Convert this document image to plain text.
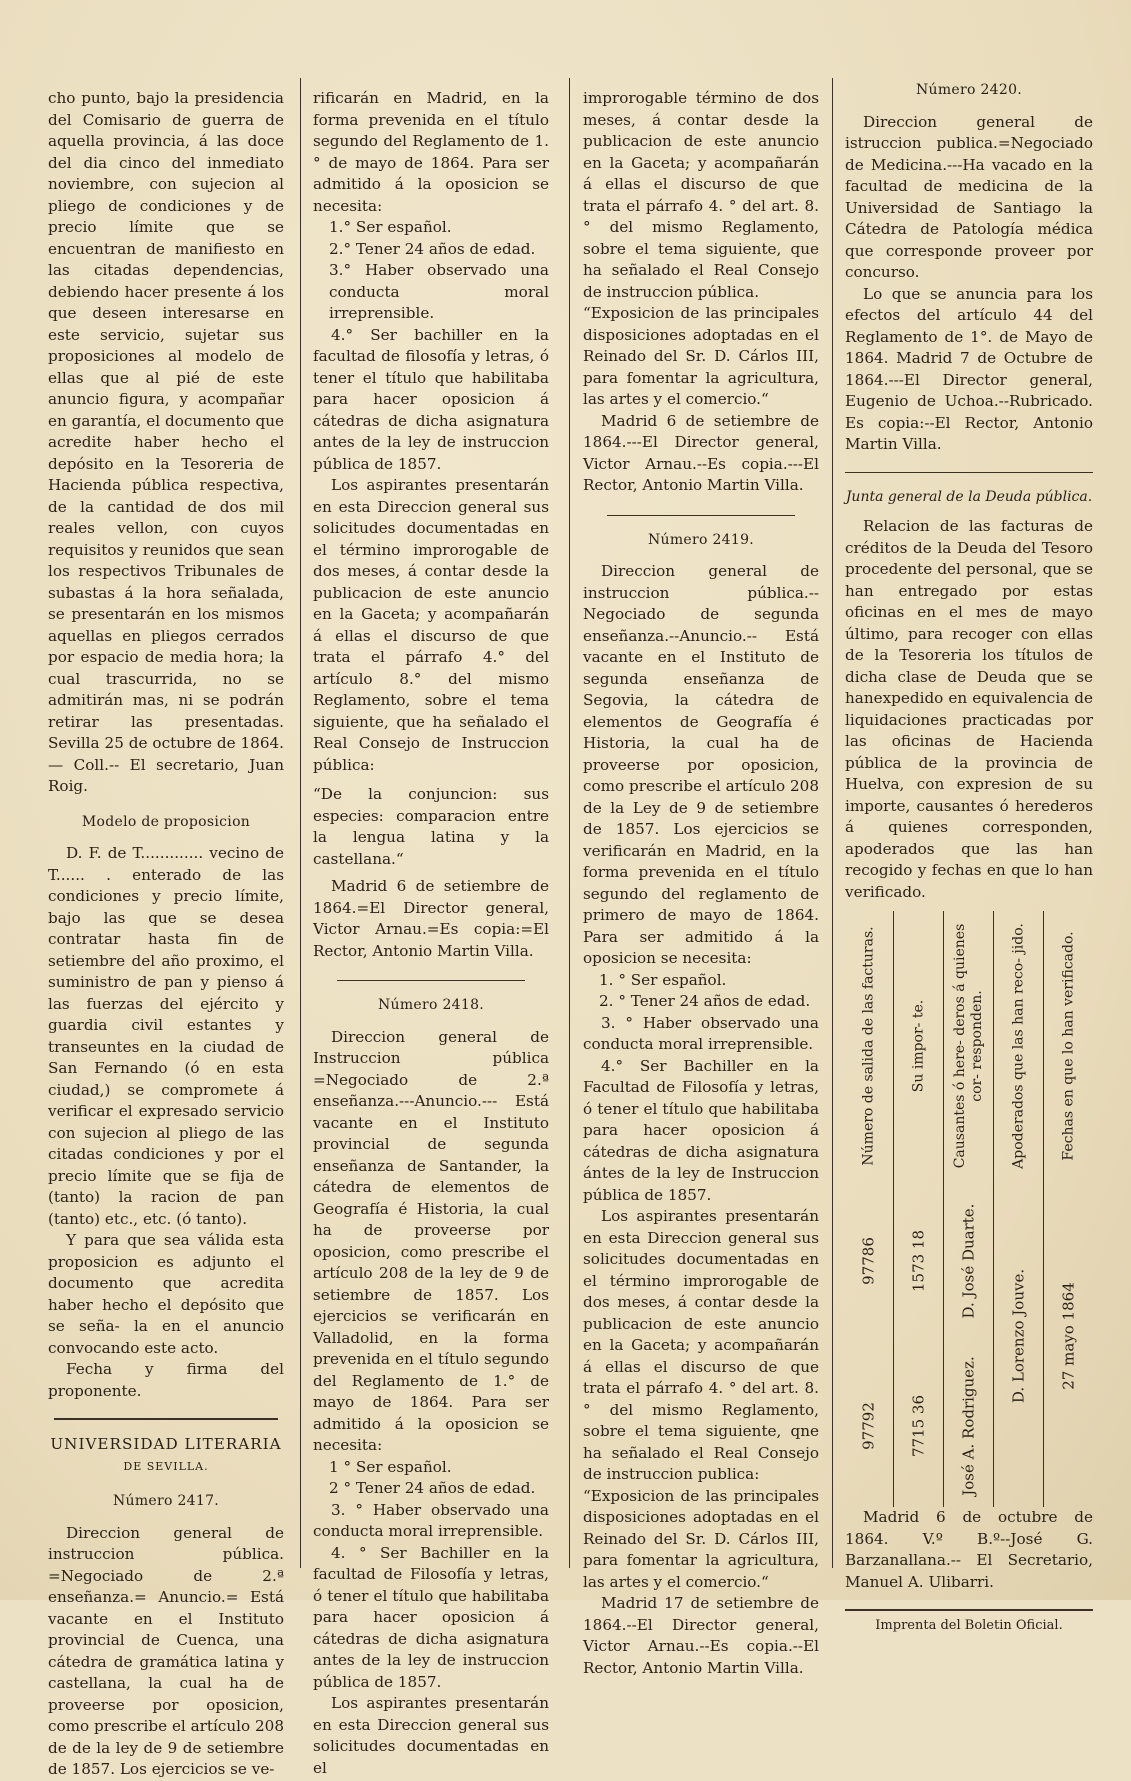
cho punto, bajo la presidencia del Comisario de guerra de aquella provincia, á las doce del dia cinco del inmediato noviembre, con sujecion al pliego de condiciones y de precio límite que se encuentran de manifiesto en las citadas dependencias, debiendo hacer presente á los que deseen interesarse en este servicio, sujetar sus proposiciones al modelo de ellas que al pié de este anuncio figura, y acompañar en garantía, el documento que acredite haber hecho el depósito en la Tesoreria de Hacienda pública respectiva, de la cantidad de dos mil reales vellon, con cuyos requisitos y reunidos que sean los respectivos Tribunales de subastas á la hora señalada, se presentarán en los mismos aquellas en pliegos cerrados por espacio de media hora; la cual trascurrida, no se admitirán mas, ni se podrán retirar las presentadas. Sevilla 25 de octubre de 1864.— Coll.-- El secretario, Juan Roig.

Modelo de proposicion

D. F. de T............. vecino de T...... . enterado de las condiciones y precio límite, bajo las que se desea contratar hasta fin de setiembre del año proximo, el suministro de pan y pienso á las fuerzas del ejército y guardia civil estantes y transeuntes en la ciudad de San Fernando (ó en esta ciudad,) se compromete á verificar el expresado servicio con sujecion al pliego de las citadas condiciones y por el precio límite que se fija de (tanto) la racion de pan (tanto) etc., etc. (ó tanto).

Y para que sea válida esta proposicion es adjunto el documento que acredita haber hecho el depósito que se seña- la en el anuncio convocando este acto.

Fecha y firma del proponente.

UNIVERSIDAD LITERARIA

DE SEVILLA.

Número 2417.

Direccion general de instruccion pública. =Negociado de 2.ª enseñanza.= Anuncio.= Está vacante en el Instituto provincial de Cuenca, una cátedra de gramática latina y castellana, la cual ha de proveerse por oposicion, como prescribe el artículo 208 de de la ley de 9 de setiembre de 1857. Los ejercicios se ve-

rificarán en Madrid, en la forma prevenida en el título segundo del Reglamento de 1.° de mayo de 1864. Para ser admitido á la oposicion se necesita:

1.° Ser español.

2.° Tener 24 años de edad.

3.° Haber observado una conducta moral irreprensible.

4.° Ser bachiller en la facultad de filosofía y letras, ó tener el título que habilitaba para hacer oposicion á cátedras de dicha asignatura antes de la ley de instruccion pública de 1857.

Los aspirantes presentarán en esta Direccion general sus solicitudes documentadas en el término improrogable de dos meses, á contar desde la publicacion de este anuncio en la Gaceta; y acompañarán á ellas el discurso de que trata el párrafo 4.° del artículo 8.° del mismo Reglamento, sobre el tema siguiente, que ha señalado el Real Consejo de Instruccion pública:

“De la conjuncion: sus especies: comparacion entre la lengua latina y la castellana.“

Madrid 6 de setiembre de 1864.=El Director general, Victor Arnau.=Es copia:=El Rector, Antonio Martin Villa.

Número 2418.

Direccion general de Instruccion pública =Negociado de 2.ª enseñanza.---Anuncio.--- Está vacante en el Instituto provincial de segunda enseñanza de Santander, la cátedra de elementos de Geografía é Historia, la cual ha de proveerse por oposicion, como prescribe el artículo 208 de la ley de 9 de setiembre de 1857. Los ejercicios se verificarán en Valladolid, en la forma prevenida en el título segundo del Reglamento de 1.° de mayo de 1864. Para ser admitido á la oposicion se necesita:

1 ° Ser español.

2 ° Tener 24 años de edad.

3. ° Haber observado una conducta moral irreprensible.

4. ° Ser Bachiller en la facultad de Filosofía y letras, ó tener el título que habilitaba para hacer oposicion á cátedras de dicha asignatura antes de la ley de instruccion pública de 1857.

Los aspirantes presentarán en esta Direccion general sus solicitudes documentadas en el

improrogable término de dos meses, á contar desde la publicacion de este anuncio en la Gaceta; y acompañarán á ellas el discurso de que trata el párrafo 4. ° del art. 8. ° del mismo Reglamento, sobre el tema siguiente, que ha señalado el Real Consejo de instruccion pública.

“Exposicion de las principales disposiciones adoptadas en el Reinado del Sr. D. Cárlos III, para fomentar la agricultura, las artes y el comercio.“

Madrid 6 de setiembre de 1864.---El Director general, Victor Arnau.--Es copia.---El Rector, Antonio Martin Villa.

Número 2419.

Direccion general de instruccion pública.--Negociado de segunda enseñanza.--Anuncio.-- Está vacante en el Instituto de segunda enseñanza de Segovia, la cátedra de elementos de Geografía é Historia, la cual ha de proveerse por oposicion, como prescribe el artículo 208 de la Ley de 9 de setiembre de 1857. Los ejercicios se verificarán en Madrid, en la forma prevenida en el título segundo del reglamento de primero de mayo de 1864. Para ser admitido á la oposicion se necesita:

1. ° Ser español.

2. ° Tener 24 años de edad.

3. ° Haber observado una conducta moral irreprensible.

4.° Ser Bachiller en la Facultad de Filosofía y letras, ó tener el título que habilitaba para hacer oposicion á cátedras de dicha asignatura ántes de la ley de Instruccion pública de 1857.

Los aspirantes presentarán en esta Direccion general sus solicitudes documentadas en el término improrogable de dos meses, á contar desde la publicacion de este anuncio en la Gaceta; y acompañarán á ellas el discurso de que trata el párrafo 4. ° del art. 8. ° del mismo Reglamento, sobre el tema siguiente, qne ha señalado el Real Consejo de instruccion publica:

“Exposicion de las principales disposiciones adoptadas en el Reinado del Sr. D. Cárlos III, para fomentar la agricultura, las artes y el comercio.“

Madrid 17 de setiembre de 1864.--El Director general, Victor Arnau.--Es copia.--El Rector, Antonio Martin Villa.

Número 2420.

Direccion general de istruccion publica.=Negociado de Medicina.---Ha vacado en la facultad de medicina de la Universidad de Santiago la Cátedra de Patología médica que corresponde proveer por concurso.

Lo que se anuncia para los efectos del artículo 44 del Reglamento de 1°. de Mayo de 1864. Madrid 7 de Octubre de 1864.---El Director general, Eugenio de Uchoa.--Rubricado. Es copia:--El Rector, Antonio Martin Villa.

Junta general de la Deuda pública.

Relacion de las facturas de créditos de la Deuda del Tesoro procedente del personal, que se han entregado por estas oficinas en el mes de mayo último, para recoger con ellas de la Tesoreria los títulos de dicha clase de Deuda que se hanexpedido en equivalencia de liquidaciones practicadas por las oficinas de Hacienda pública de la provincia de Huelva, con expresion de su importe, causantes ó herederos á quienes corresponden, apoderados que las han recogido y fechas en que lo han verificado.

Número de salida de las facturas.
97786
97792
Su impor- te.
1573 18
7715 36
Causantes ó here- deros á quienes cor- responden.
D. José Duarte.
José A. Rodriguez.
Apoderados que las han reco- jido.
D. Lorenzo Jouve.
Fechas en que lo han verificado.
27 mayo 1864

Madrid 6 de octubre de 1864. V.º B.º--José G. Barzanallana.-- El Secretario, Manuel A. Ulibarri.

Imprenta del Boletin Oficial.
